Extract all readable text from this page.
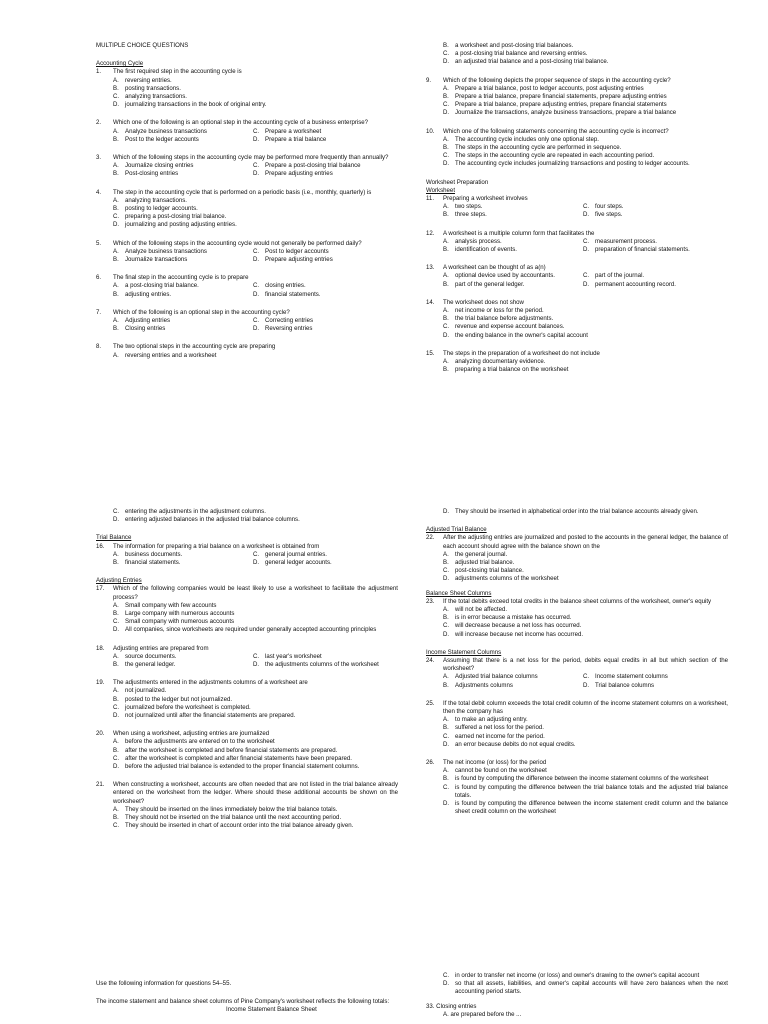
MULTIPLE CHOICE QUESTIONS
Accounting Cycle
1.	The first required step in the accounting cycle is
A.	reversing entries.
B.	posting transactions.
C. analyzing transactions.
D. journalizing transactions in the book of original entry.
2.	Which one of the following is an optional step in the accounting cycle of a business enterprise?
A.	Analyze business transactions	C. Prepare a worksheet
B.	Post to the ledger accounts	D. Prepare a trial balance
3.	Which of the following steps in the accounting cycle may be performed more frequently than annually?
A.	Journalize closing entries	C. Prepare a post-closing trial balance
B.	Post-closing entries	D. Prepare adjusting entries
4.	The step in the accounting cycle that is performed on a periodic basis (i.e., monthly, quarterly) is
A.	analyzing transactions.
B.	posting to ledger accounts.
C. preparing a post-closing trial balance.
D. journalizing and posting adjusting entries.
5.	Which of the following steps in the accounting cycle would not generally be performed daily?
A.	Analyze business transactions	C. Post to ledger accounts
B.	Journalize transactions	D. Prepare adjusting entries
6.	The final step in the accounting cycle is to prepare
A.	a post-closing trial balance.	C. closing entries.
B.	adjusting entries.	D. financial statements.
7.	Which of the following is an optional step in the accounting cycle?
A.	Adjusting entries	C. Correcting entries
B.	Closing entries	D. Reversing entries
8.	The two optional steps in the accounting cycle are preparing
A.	reversing entries and a worksheet
B.	a worksheet and post-closing trial balances.
C. a post-closing trial balance and reversing entries.
D. an adjusted trial balance and a post-closing trial balance.
9.	Which of the following depicts the proper sequence of steps in the accounting cycle?
A.	Prepare a trial balance, post to ledger accounts, post adjusting entries
B.	Prepare a trial balance, prepare financial statements, prepare adjusting entries
C. Prepare a trial balance, prepare adjusting entries, prepare financial statements
D. Journalize the transactions, analyze business transactions, prepare a trial balance
10.	Which one of the following statements concerning the accounting cycle is incorrect?
A.	The accounting cycle includes only one optional step.
B.	The steps in the accounting cycle are performed in sequence.
C. The steps in the accounting cycle are repeated in each accounting period.
D. The accounting cycle includes journalizing transactions and posting to ledger accounts.
Worksheet Preparation
Worksheet
11.	Preparing a worksheet involves
A.	two steps.	C. four steps.
B.	three steps.	D. five steps.
12.	A worksheet is a multiple column form that facilitates the
A.	analysis process.	C. measurement process.
B.	identification of events.	D. preparation of financial statements.
13.	A worksheet can be thought of as a(n)
A.	optional device used by accountants.	C. part of the journal.
B.	part of the general ledger.	D. permanent accounting record.
14.	The worksheet does not show
A.	net income or loss for the period.
B.	the trial balance before adjustments.
C. revenue and expense account balances.
D. the ending balance in the owner's capital account
15.	The steps in the preparation of a worksheet do not include
A.	analyzing documentary evidence.
B.	preparing a trial balance on the worksheet
C. entering the adjustments in the adjustment columns.
D. entering adjusted balances in the adjusted trial balance columns.
Trial Balance
16.	The information for preparing a trial balance on a worksheet is obtained from
A.	business documents.	C. general journal entries.
B.	financial statements.	D. general ledger accounts.
Adjusting Entries
17.	Which of the following companies would be least likely to use a worksheet to facilitate the adjustment process?
A.	Small company with few accounts
B.	Large company with numerous accounts
C. Small company with numerous accounts
D. All companies, since worksheets are required under generally accepted accounting principles
18.	Adjusting entries are prepared from
A.	source documents.	C. last year's worksheet
B.	the general ledger.	D. the adjustments columns of the worksheet
19.	The adjustments entered in the adjustments columns of a worksheet are
A.	not journalized.
B.	posted to the ledger but not journalized.
C. journalized before the worksheet is completed.
D. not journalized until after the financial statements are prepared.
20.	When using a worksheet, adjusting entries are journalized
A.	before the adjustments are entered on to the worksheet
B.	after the worksheet is completed and before financial statements are prepared.
C. after the worksheet is completed and after financial statements have been prepared.
D. before the adjusted trial balance is extended to the proper financial statement columns.
21.	When constructing a worksheet, accounts are often needed that are not listed in the trial balance already entered on the worksheet from the ledger. Where should these additional accounts be shown on the worksheet?
A.	They should be inserted on the lines immediately below the trial balance totals.
B.	They should not be inserted on the trial balance until the next accounting period.
C. They should be inserted in chart of account order into the trial balance already given.
D. They should be inserted in alphabetical order into the trial balance accounts already given.
Adjusted Trial Balance
22.	After the adjusting entries are journalized and posted to the accounts in the general ledger, the balance of each account should agree with the balance shown on the
A.	the general journal.
B.	adjusted trial balance.
C. post-closing trial balance.
D. adjustments columns of the worksheet
Balance Sheet Columns
23.	If the total debits exceed total credits in the balance sheet columns of the worksheet, owner's equity
A.	will not be affected.
B.	is in error because a mistake has occurred.
C. will decrease because a net loss has occurred.
D. will increase because net income has occurred.
Income Statement Columns
24.	Assuming that there is a net loss for the period, debits equal credits in all but which section of the worksheet?
A.	Adjusted trial balance columns	C. Income statement columns
B.	Adjustments columns	D. Trial balance columns
25.	If the total debit column exceeds the total credit column of the income statement columns on a worksheet, then the company has
A.	to make an adjusting entry.
B.	suffered a net loss for the period.
C. earned net income for the period.
D. an error because debits do not equal credits.
26.	The net income (or loss) for the period
A.	cannot be found on the worksheet
B.	is found by computing the difference between the income statement columns of the worksheet
C. is found by computing the difference between the trial balance totals and the adjusted trial balance totals.
D. is found by computing the difference between the income statement credit column and the balance sheet credit column on the worksheet
Use the following information for questions 54–55.
The income statement and balance sheet columns of Pine Company's worksheet reflects the following totals:
Income Statement Balance Sheet
C. in order to transfer net income (or loss) and owner's drawing to the owner's capital account
D. so that all assets, liabilities, and owner's capital accounts will have zero balances when the next accounting period starts.
33. Closing entries
A. are prepared before the ...
